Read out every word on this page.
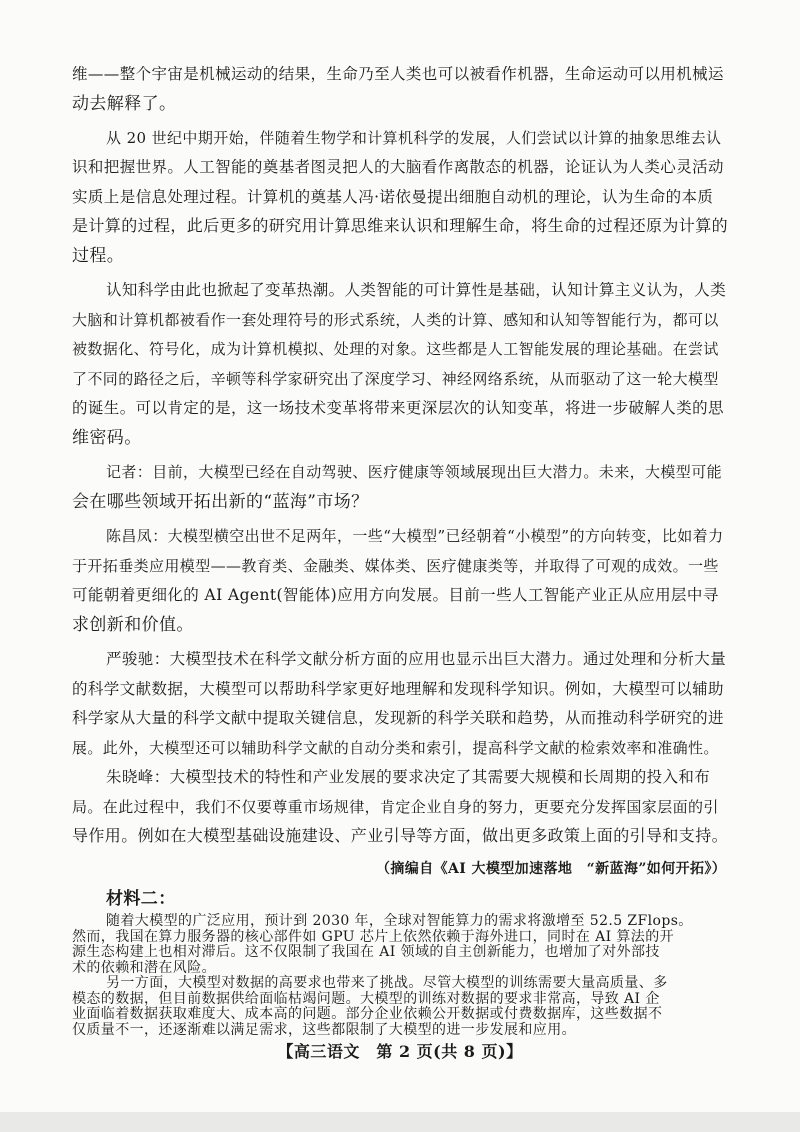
维——整个宇宙是机械运动的结果，生命乃至人类也可以被看作机器，生命运动可以用机械运
动去解释了。
从 20 世纪中期开始，伴随着生物学和计算机科学的发展，人们尝试以计算的抽象思维去认
识和把握世界。人工智能的奠基者图灵把人的大脑看作离散态的机器，论证认为人类心灵活动
实质上是信息处理过程。计算机的奠基人冯·诺依曼提出细胞自动机的理论，认为生命的本质
是计算的过程，此后更多的研究用计算思维来认识和理解生命，将生命的过程还原为计算的
过程。
认知科学由此也掀起了变革热潮。人类智能的可计算性是基础，认知计算主义认为，人类
大脑和计算机都被看作一套处理符号的形式系统，人类的计算、感知和认知等智能行为，都可以
被数据化、符号化，成为计算机模拟、处理的对象。这些都是人工智能发展的理论基础。在尝试
了不同的路径之后，辛顿等科学家研究出了深度学习、神经网络系统，从而驱动了这一轮大模型
的诞生。可以肯定的是，这一场技术变革将带来更深层次的认知变革，将进一步破解人类的思
维密码。
记者：目前，大模型已经在自动驾驶、医疗健康等领域展现出巨大潜力。未来，大模型可能
会在哪些领域开拓出新的“蓝海”市场？
陈昌凤：大模型横空出世不足两年，一些“大模型”已经朝着“小模型”的方向转变，比如着力
于开拓垂类应用模型——教育类、金融类、媒体类、医疗健康类等，并取得了可观的成效。一些
可能朝着更细化的 AI Agent(智能体)应用方向发展。目前一些人工智能产业正从应用层中寻
求创新和价值。
严骏驰：大模型技术在科学文献分析方面的应用也显示出巨大潜力。通过处理和分析大量
的科学文献数据，大模型可以帮助科学家更好地理解和发现科学知识。例如，大模型可以辅助
科学家从大量的科学文献中提取关键信息，发现新的科学关联和趋势，从而推动科学研究的进
展。此外，大模型还可以辅助科学文献的自动分类和索引，提高科学文献的检索效率和准确性。
朱晓峰：大模型技术的特性和产业发展的要求决定了其需要大规模和长周期的投入和布
局。在此过程中，我们不仅要尊重市场规律，肯定企业自身的努力，更要充分发挥国家层面的引
导作用。例如在大模型基础设施建设、产业引导等方面，做出更多政策上面的引导和支持。
（摘编自《AI 大模型加速落地　“新蓝海”如何开拓》）
材料二：
【高三语文　第 2 页(共 8 页)】
随着大模型的广泛应用，预计到 2030 年，全球对智能算力的需求将激增至 52.5 ZFlops。
然而，我国在算力服务器的核心部件如 GPU 芯片上依然依赖于海外进口，同时在 AI 算法的开
源生态构建上也相对滞后。这不仅限制了我国在 AI 领域的自主创新能力，也增加了对外部技
术的依赖和潜在风险。
另一方面，大模型对数据的高要求也带来了挑战。尽管大模型的训练需要大量高质量、多
模态的数据，但目前数据供给面临枯竭问题。大模型的训练对数据的要求非常高，导致 AI 企
业面临着数据获取难度大、成本高的问题。部分企业依赖公开数据或付费数据库，这些数据不
仅质量不一，还逐渐难以满足需求，这些都限制了大模型的进一步发展和应用。
